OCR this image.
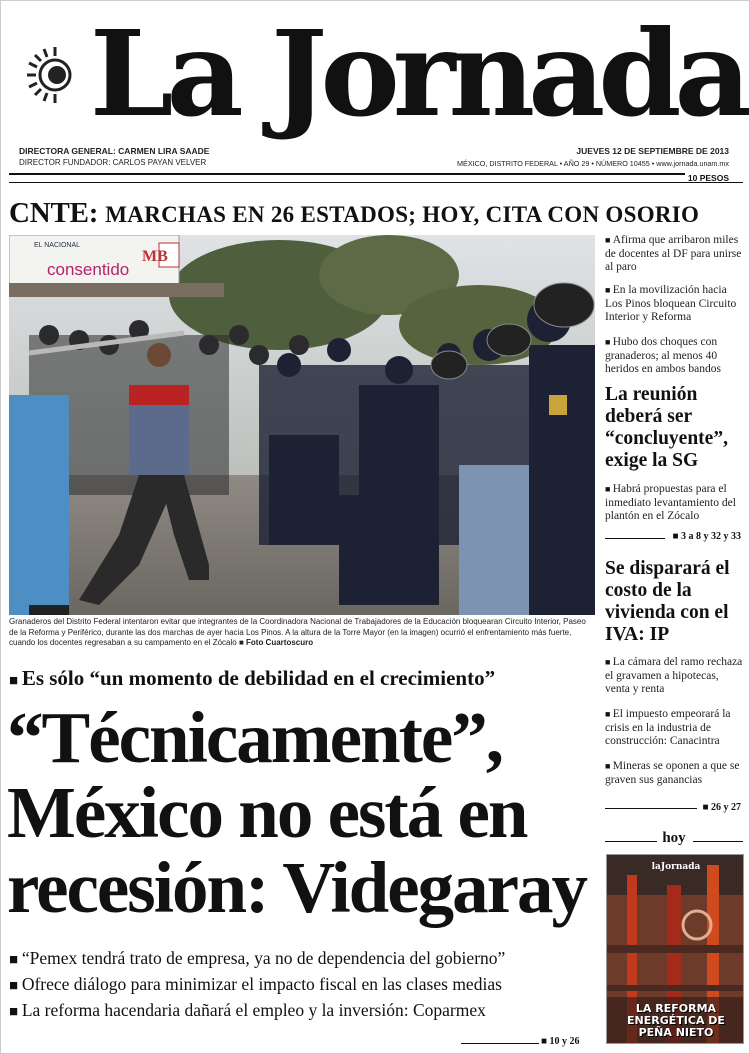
La Jornada
DIRECTORA GENERAL: CARMEN LIRA SAADE
DIRECTOR FUNDADOR: CARLOS PAYAN VELVER
JUEVES 12 DE SEPTIEMBRE DE 2013
MÉXICO, DISTRITO FEDERAL • AÑO 29 • NÚMERO 10455 • www.jornada.unam.mx
10 PESOS
CNTE: MARCHAS EN 26 ESTADOS; HOY, CITA CON OSORIO
EL NACIONAL
consentido
MB
Granaderos del Distrito Federal intentaron evitar que integrantes de la Coordinadora Nacional de Trabajadores de la Educación bloquearan Circuito Interior, Paseo de la Reforma y Periférico, durante las dos marchas de ayer hacia Los Pinos. A la altura de la Torre Mayor (en la imagen) ocurrió el enfrentamiento más fuerte, cuando los docentes regresaban a su campamento en el Zócalo ■ Foto Cuartoscuro
■ Afirma que arribaron miles de docentes al DF para unirse al paro
■ En la movilización hacia Los Pinos bloquean Circuito Interior y Reforma
■ Hubo dos choques con granaderos; al menos 40 heridos en ambos bandos
La reunión deberá ser “concluyente”, exige la SG
■ Habrá propuestas para el inmediato levantamiento del plantón en el Zócalo
■ 3 a 8 y 32 y 33
Se disparará el costo de la vivienda con el IVA: IP
■ La cámara del ramo rechaza el gravamen a hipotecas, venta y renta
■ El impuesto empeorará la crisis en la industria de construcción: Canacintra
■ Mineras se oponen a que se graven sus ganancias
■ 26 y 27
hoy
laJornada
LA REFORMA ENERGÉTICA DE PEÑA NIETO
■ Es sólo “un momento de debilidad en el crecimiento”
“Técnicamente”,
México no está en
recesión: Videgaray
■ “Pemex tendrá trato de empresa, ya no de dependencia del gobierno”
■ Ofrece diálogo para minimizar el impacto fiscal en las clases medias
■ La reforma hacendaria dañará el empleo y la inversión: Coparmex
■ 10 y 26
